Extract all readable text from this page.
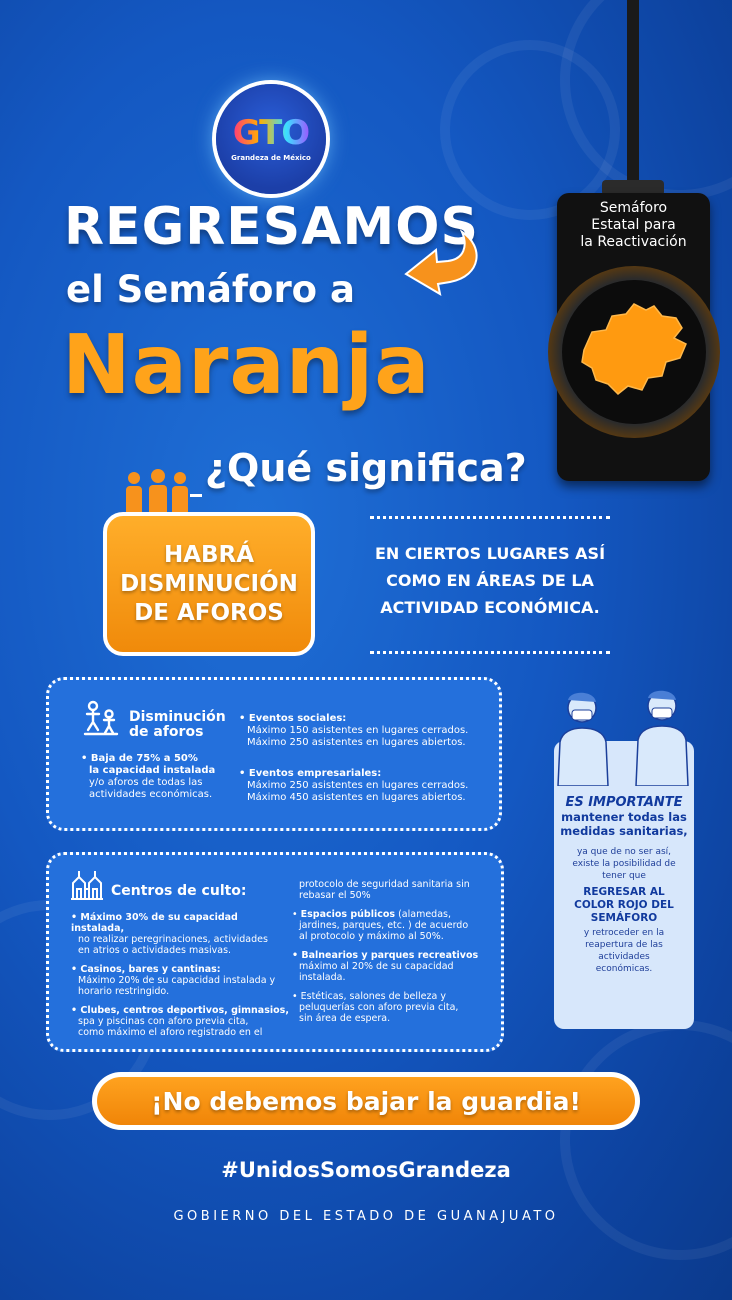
GTO
Grandeza de México
REGRESAMOS
el Semáforo a
Naranja
Semáforo
Estatal para
la Reactivación
¿Qué significa?
HABRÁ
DISMINUCIÓN
DE AFOROS
EN CIERTOS LUGARES ASÍ
COMO EN ÁREAS DE LA
ACTIVIDAD ECONÓMICA.
Disminución
de aforos
• Baja de 75% a 50%
la capacidad instalada
y/o aforos de todas las
actividades económicas.
• Eventos sociales:
Máximo 150 asistentes en lugares cerrados.
Máximo 250 asistentes en lugares abiertos.
• Eventos empresariales:
Máximo 250 asistentes en lugares cerrados.
Máximo 450 asistentes en lugares abiertos.
Centros de culto:
• Máximo 30% de su capacidad instalada,
no realizar peregrinaciones, actividades
en atrios o actividades masivas.
• Casinos, bares y cantinas:
Máximo 20% de su capacidad instalada y
horario restringido.
• Clubes, centros deportivos, gimnasios,
spa y piscinas con aforo previa cita,
como máximo el aforo registrado en el
protocolo de seguridad sanitaria sin
rebasar el 50%
• Espacios públicos (alamedas,
jardines, parques, etc. ) de acuerdo
al protocolo y máximo al 50%.
• Balnearios y parques recreativos
máximo al 20% de su capacidad
instalada.
• Estéticas, salones de belleza y
peluquerías con aforo previa cita,
sin área de espera.
ES IMPORTANTE
mantener todas las
medidas sanitarias,
ya que de no ser así,
existe la posibilidad de
tener que
REGRESAR AL
COLOR ROJO DEL
SEMÁFORO
y retroceder en la
reapertura de las
actividades
económicas.
¡No debemos bajar la guardia!
#UnidosSomosGrandeza
GOBIERNO DEL ESTADO DE GUANAJUATO
